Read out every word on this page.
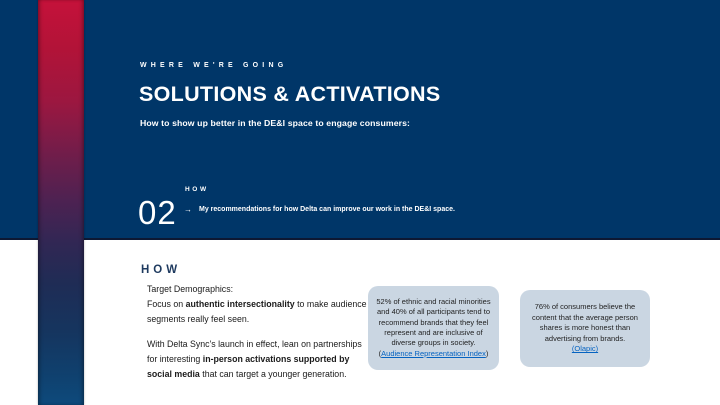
WHERE WE'RE GOING
SOLUTIONS & ACTIVATIONS
How to show up better in the DE&I space to engage consumers:
02
HOW
→ My recommendations for how Delta can improve our work in the DE&I space.
HOW

Target Demographics:

Focus on authentic intersectionality to make audience segments really feel seen.

With Delta Sync's launch in effect, lean on partnerships for interesting in-person activations supported by social media that can target a younger generation.

52% of ethnic and racial minorities and 40% of all participants tend to recommend brands that they feel represent and are inclusive of diverse groups in society. (Audience Representation Index)
76% of consumers believe the content that the average person shares is more honest than advertising from brands.
(Olapic)
